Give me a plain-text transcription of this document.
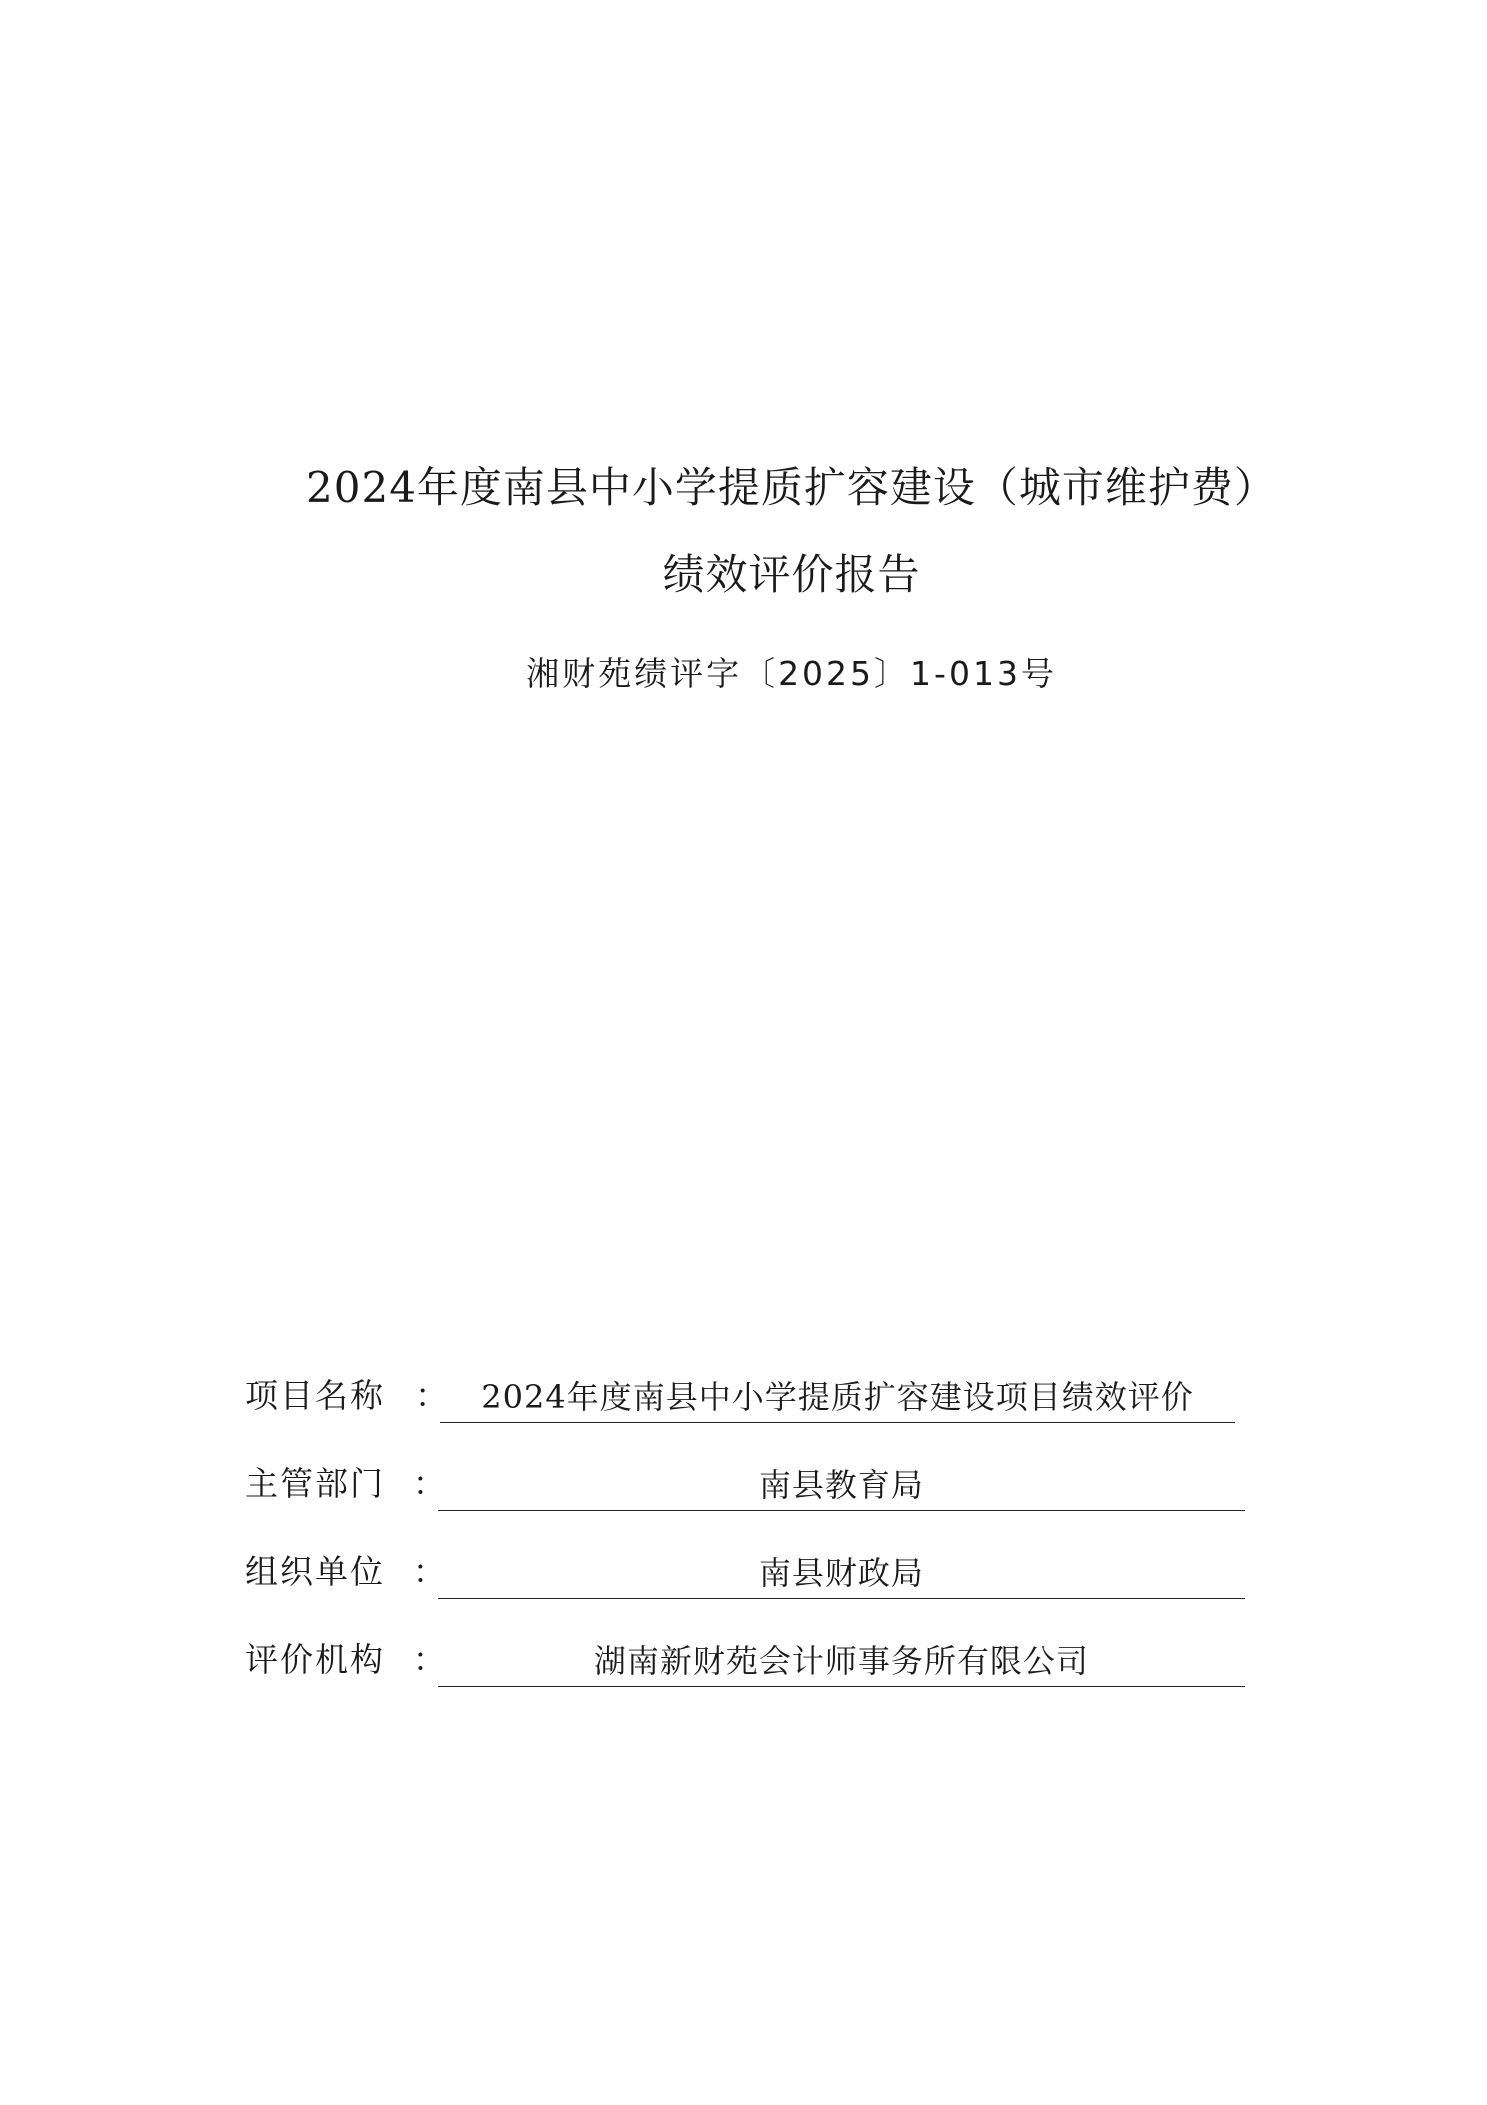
2024年度南县中小学提质扩容建设（城市维护费）
绩效评价报告
湘财苑绩评字〔2025〕1-013号
项目名称 ：	2024年度南县中小学提质扩容建设项目绩效评价
主管部门 ：	南县教育局
组织单位 ：	南县财政局
评价机构 ：	湖南新财苑会计师事务所有限公司
